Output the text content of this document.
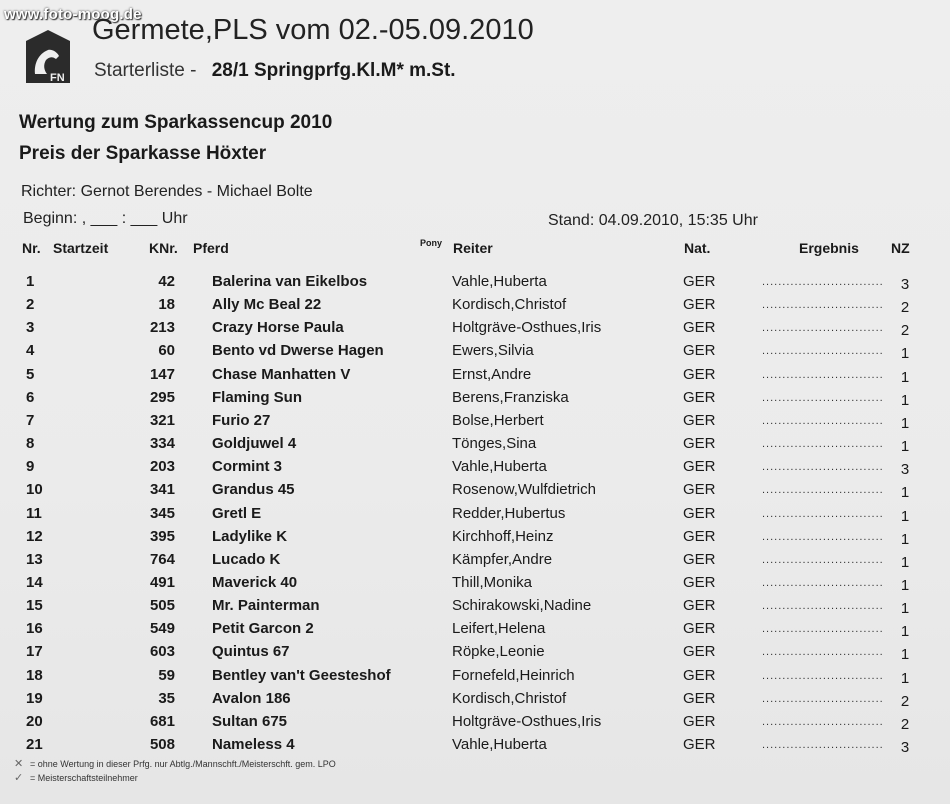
www.foto-moog.de
FN
Germete,PLS vom 02.-05.09.2010
Starterliste - 28/1 Springprfg.Kl.M* m.St.
Wertung zum Sparkassencup 2010
Preis der Sparkasse Höxter
Richter: Gernot Berendes - Michael Bolte
Beginn: , ___ : ___ Uhr	Stand: 04.09.2010, 15:35 Uhr
Nr. Startzeit	KNr. Pferd	Pony Reiter	Nat.	Ergebnis NZ
1	42 Balerina van Eikelbos	Vahle,Huberta	GER	3
..............................
2	18 Ally Mc Beal 22	Kordisch,Christof	GER	2
..............................
3	213 Crazy Horse Paula	Holtgräve-Osthues,Iris	GER	2
..............................
4	60 Bento vd Dwerse Hagen	Ewers,Silvia	GER	1
..............................
5	147 Chase Manhatten V	Ernst,Andre	GER	1
..............................
6	295 Flaming Sun	Berens,Franziska	GER	1
..............................
7	321 Furio 27	Bolse,Herbert	GER	1
..............................
8	334 Goldjuwel 4	Tönges,Sina	GER	1
..............................
9	203 Cormint 3	Vahle,Huberta	GER	3
..............................
10	341 Grandus 45	Rosenow,Wulfdietrich	GER	1
..............................
11	345 Gretl E	Redder,Hubertus	GER	1
..............................
12	395 Ladylike K	Kirchhoff,Heinz	GER	1
..............................
13	764 Lucado K	Kämpfer,Andre	GER	1
..............................
14	491 Maverick 40	Thill,Monika	GER	1
..............................
15	505 Mr. Painterman	Schirakowski,Nadine	GER	1
..............................
16	549 Petit Garcon 2	Leifert,Helena	GER	1
..............................
17	603 Quintus 67	Röpke,Leonie	GER	1
..............................
18	59 Bentley van't Geesteshof	Fornefeld,Heinrich	GER	1
..............................
19	35 Avalon 186	Kordisch,Christof	GER	2
..............................
20	681 Sultan 675	Holtgräve-Osthues,Iris	GER	2
..............................
21	508 Nameless 4	Vahle,Huberta	GER	3
..............................
✕ = ohne Wertung in dieser Prfg. nur Abtlg./Mannschft./Meisterschft. gem. LPO
✓ = Meisterschaftsteilnehmer
